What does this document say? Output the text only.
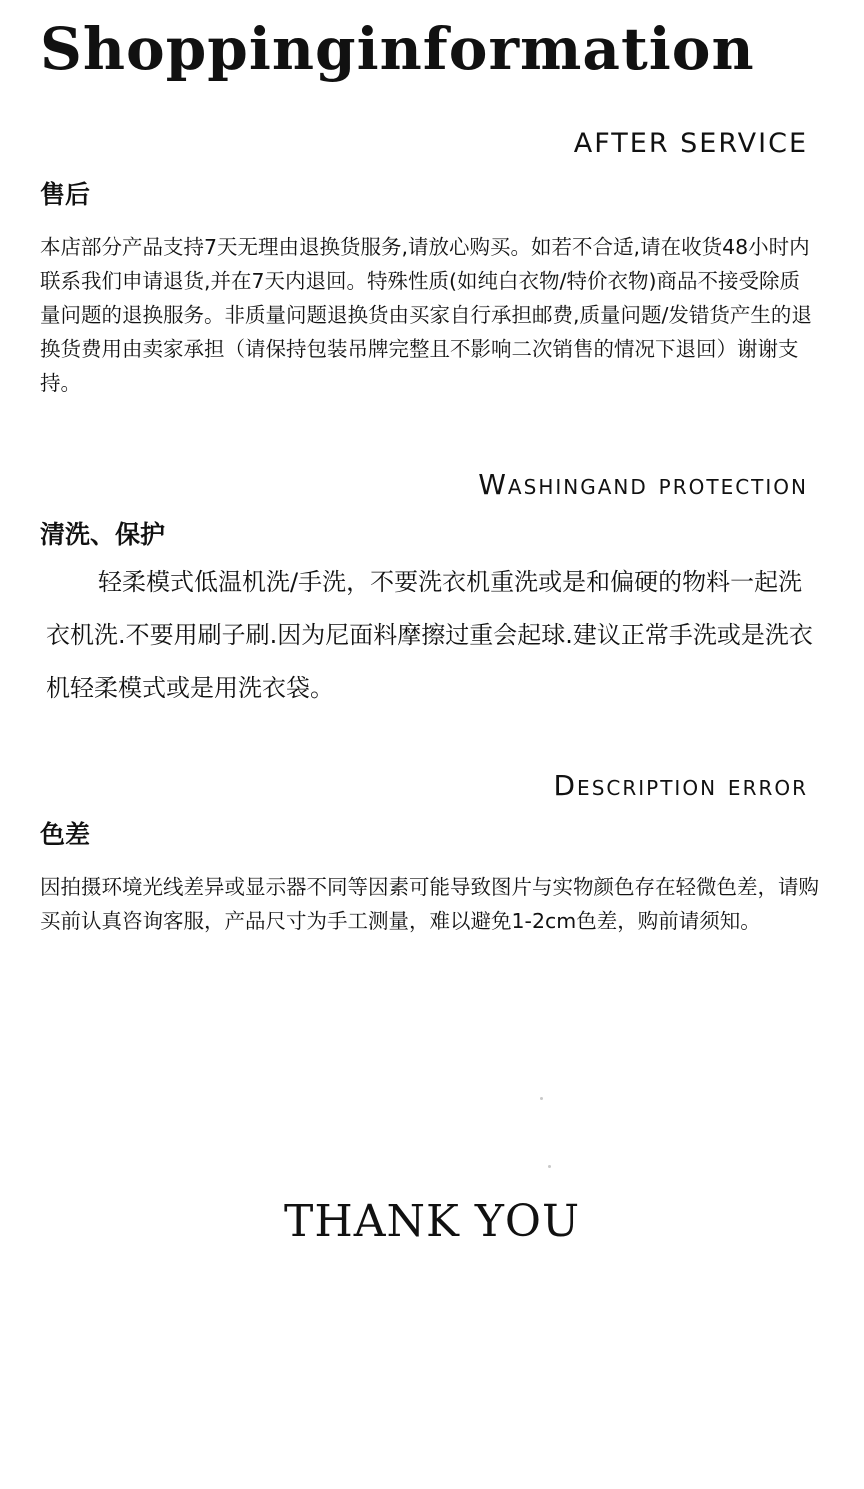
Shoppinginformation
AFTER SERVICE
售后

本店部分产品支持7天无理由退换货服务,请放心购买。如若不合适,请在收货48小时内联系我们申请退货,并在7天内退回。特殊性质(如纯白衣物/特价衣物)商品不接受除质量问题的退换服务。非质量问题退换货由买家自行承担邮费,质量问题/发错货产生的退换货费用由卖家承担（请保持包装吊牌完整且不影响二次销售的情况下退回）谢谢支持。

Washingand protection
清洗、保护

轻柔模式低温机洗/手洗，不要洗衣机重洗或是和偏硬的物料一起洗衣机洗.不要用刷子刷.因为尼面料摩擦过重会起球.建议正常手洗或是洗衣机轻柔模式或是用洗衣袋。

Description error
色差

因拍摄环境光线差异或显示器不同等因素可能导致图片与实物颜色存在轻微色差，请购买前认真咨询客服，产品尺寸为手工测量，难以避免1-2cm色差，购前请须知。

THANK YOU
